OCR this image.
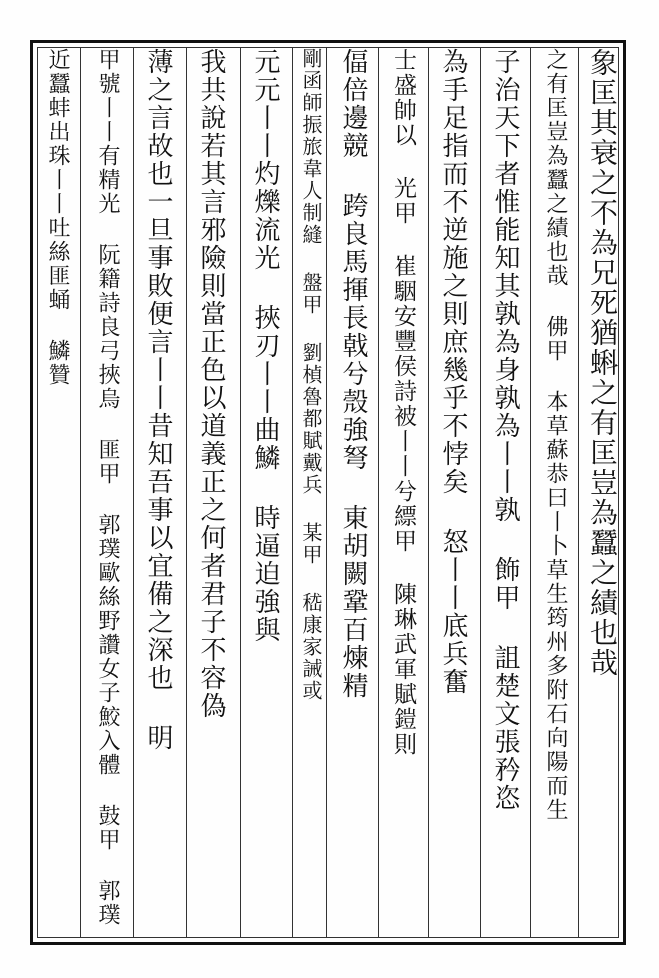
象匡其衰之不為兄死猶蝌之有匡豈為蠶之績也哉
之有匡豈為蠶之績也哉 佛甲 本草蘇恭曰丨卜草生筠州多附石向陽而生
子治天下者惟能知其孰為身孰為丨丨孰 飾甲 詛楚文張矜恣
為手足指而不逆施之則庶幾乎不悖矣 怒丨丨底兵奮
士盛帥以 光甲 崔駰安豐侯詩被丨丨兮縹甲 陳琳武軍賦鎧則
偪倍邊競 跨良馬揮長戟兮殼強弩 東胡闕鞏百煉精
剛函師振旅韋人制縫 盤甲 劉楨魯都賦戴兵 某甲 嵇康家誡或
元元丨丨灼爍流光 挾刃丨丨曲鱗 時逼迫強與
我共說若其言邪險則當正色以道義正之何者君子不容偽
薄之言故也一旦事敗便言丨丨昔知吾事以宜備之深也 明
甲號丨丨有精光 阮籍詩良弓挾烏 匪甲 郭璞歐絲野讚女子鮫入體 鼓甲 郭璞
近蠶蚌出珠丨丨吐絲匪蛹 鱗贊
